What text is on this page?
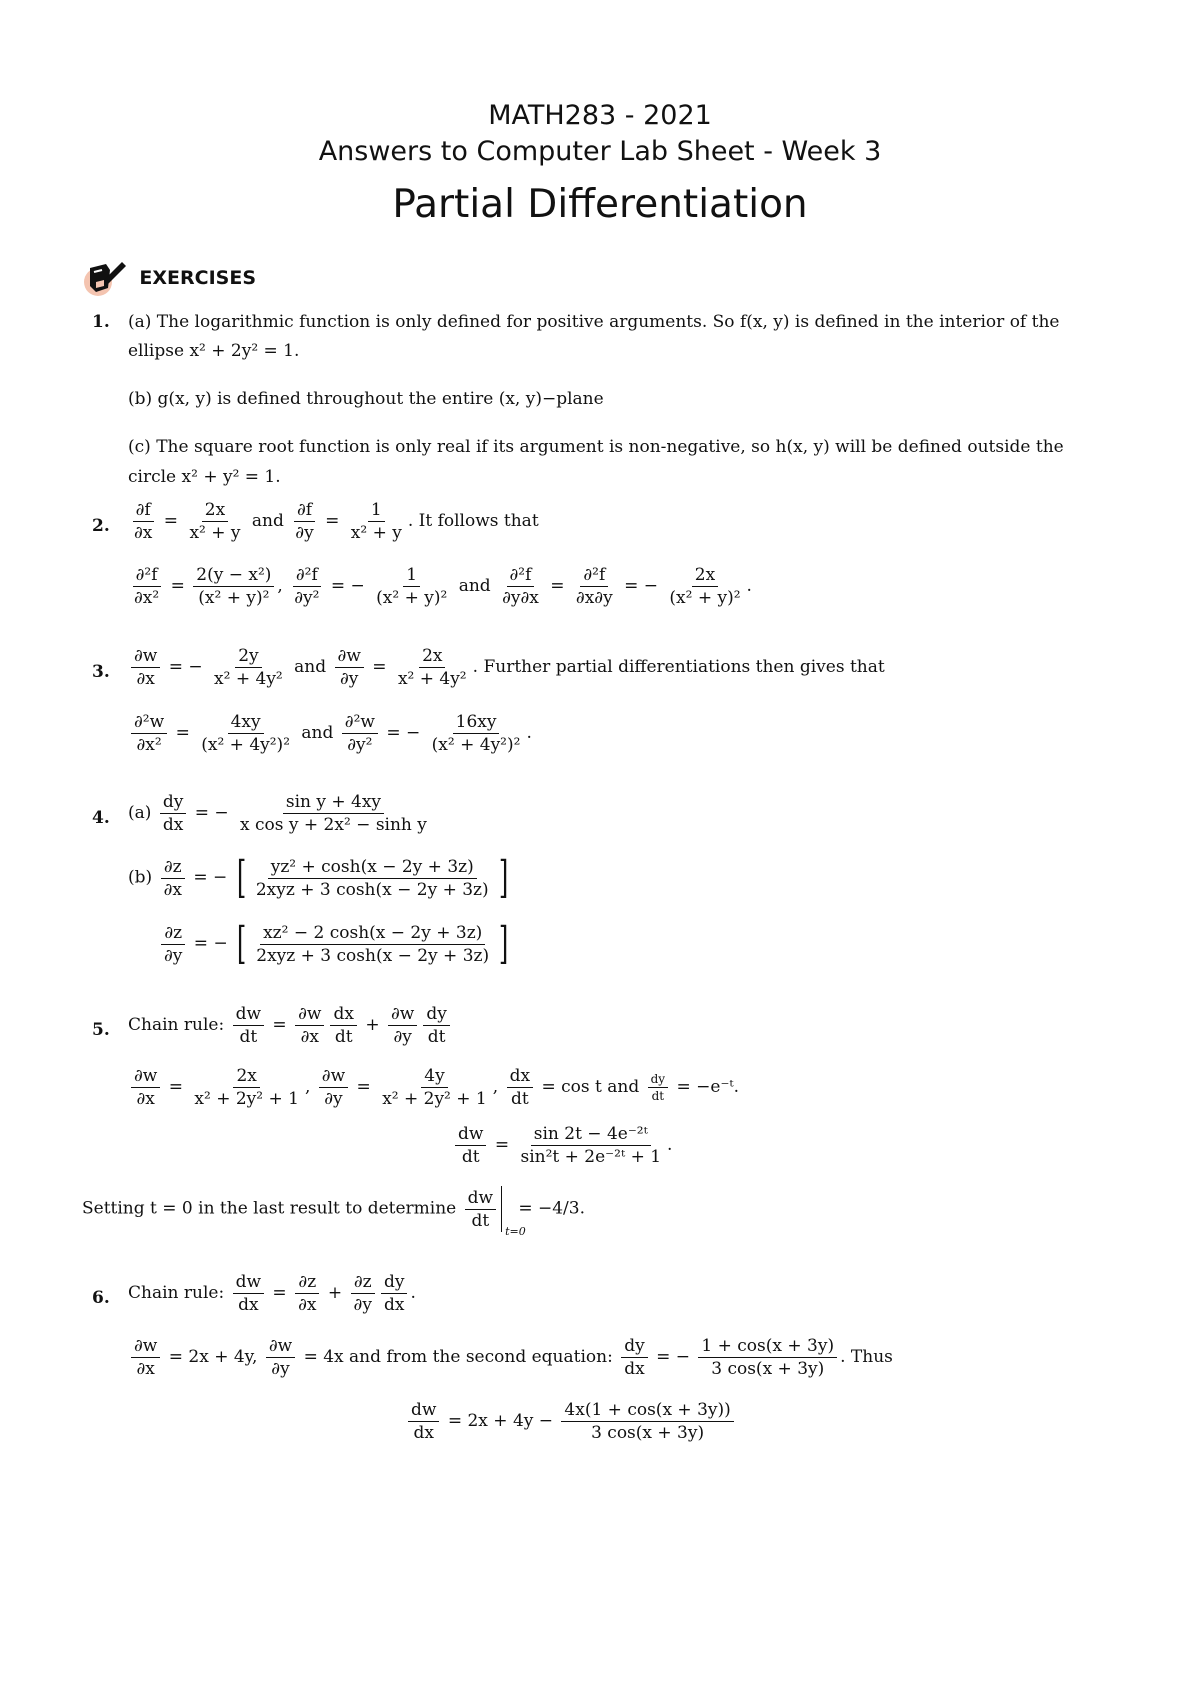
MATH283 - 2021
Answers to Computer Lab Sheet - Week 3
Partial Differentiation
EXERCISES
1. (a) The logarithmic function is only defined for positive arguments. So f(x, y) is defined in the interior of the
ellipse x² + 2y² = 1.
(b) g(x, y) is defined throughout the entire (x, y)−plane
(c) The square root function is only real if its argument is non-negative, so h(x, y) will be defined outside the
circle x² + y² = 1.
2. $\frac{\partial f}{\partial x} = \frac{2x}{\text{x² + y}}$ and $\frac{\partial f}{\partial y} = \frac{1}{\text{x² + y}}$ . It follows that
$\frac{\text{∂²f}}{\text{∂x²}} = \frac{\text{2(y − x²)}}{\text{(x² + y)²}}$ , $\frac{\text{∂²f}}{\text{∂y²}}$ = − $\frac{1}{\text{(x² + y)²}}$ and $\frac{\text{∂²f}}{\partial y\partial x} = \frac{\text{∂²f}}{\partial x\partial y}$ = − $\frac{2x}{\text{(x² + y)²}}$ .
3. $\frac{\partial w}{\partial x}$ = − $\frac{2y}{\text{x² + 4y²}}$ and $\frac{\partial w}{\partial y} = \frac{2x}{\text{x² + 4y²}}$ . Further partial differentiations then gives that
$\frac{\text{∂²w}}{\text{∂x²}} = \frac{4xy}{\text{(x² + 4y²)²}}$ and $\frac{\text{∂²w}}{\text{∂y²}}$ = − $\frac{16xy}{\text{(x² + 4y²)²}}$ .
4. $(a) \frac{dy}{dx}$ = − $\frac{\text{sin y + 4xy}}{\text{x cos y + 2x² − sinh y}}$
$(b) \frac{\partial z}{\partial x}$ = − [ $\frac{\text{yz² + cosh(x − 2y + 3z)}}{\text{2xyz + 3 cosh(x − 2y + 3z)}}$ ]
$\frac{\partial z}{\partial y}$ = − [ $\frac{\text{xz² − 2 cosh(x − 2y + 3z)}}{\text{2xyz + 3 cosh(x − 2y + 3z)}}$ ]
5. Chain rule: $\frac{dw}{dt} = \frac{\partial w}{\partial x} \frac{dx}{dt} + \frac{\partial w}{\partial y} \frac{dy}{dt}$
$\frac{\partial w}{\partial x} = \frac{2x}{\text{x² + 2y² + 1}}$ , $\frac{\partial w}{\partial y} = \frac{4y}{\text{x² + 2y² + 1}}$ , $\frac{dx}{dt} = \cos t$ and $\frac{dy}{dt}$ = −e⁻ᵗ.
$\frac{dw}{dt} = \frac{\text{sin 2t − 4e⁻²ᵗ}}{\text{sin²t + 2e⁻²ᵗ + 1}}$ .
Setting t = 0 in the last result to determine $\frac{dw}{dt}$
t=0
= −4/3.
6. Chain rule: $\frac{dw}{dx} = \frac{\partial z}{\partial x} + \frac{\partial z}{\partial y} \frac{dy}{dx}$ .
$\frac{\partial w}{\partial x} = 2x + 4y$, $\frac{\partial w}{\partial y} = 4x$ and from the second equation: $\frac{dy}{dx}$ = − $\frac{1 + \cos(x + 3y)}{3 \cos(x + 3y)}$ . Thus
$\frac{dw}{dx} = 2x + 4y - \frac{4x(1 + \cos(x + 3y))}{3 \cos(x + 3y)}$
